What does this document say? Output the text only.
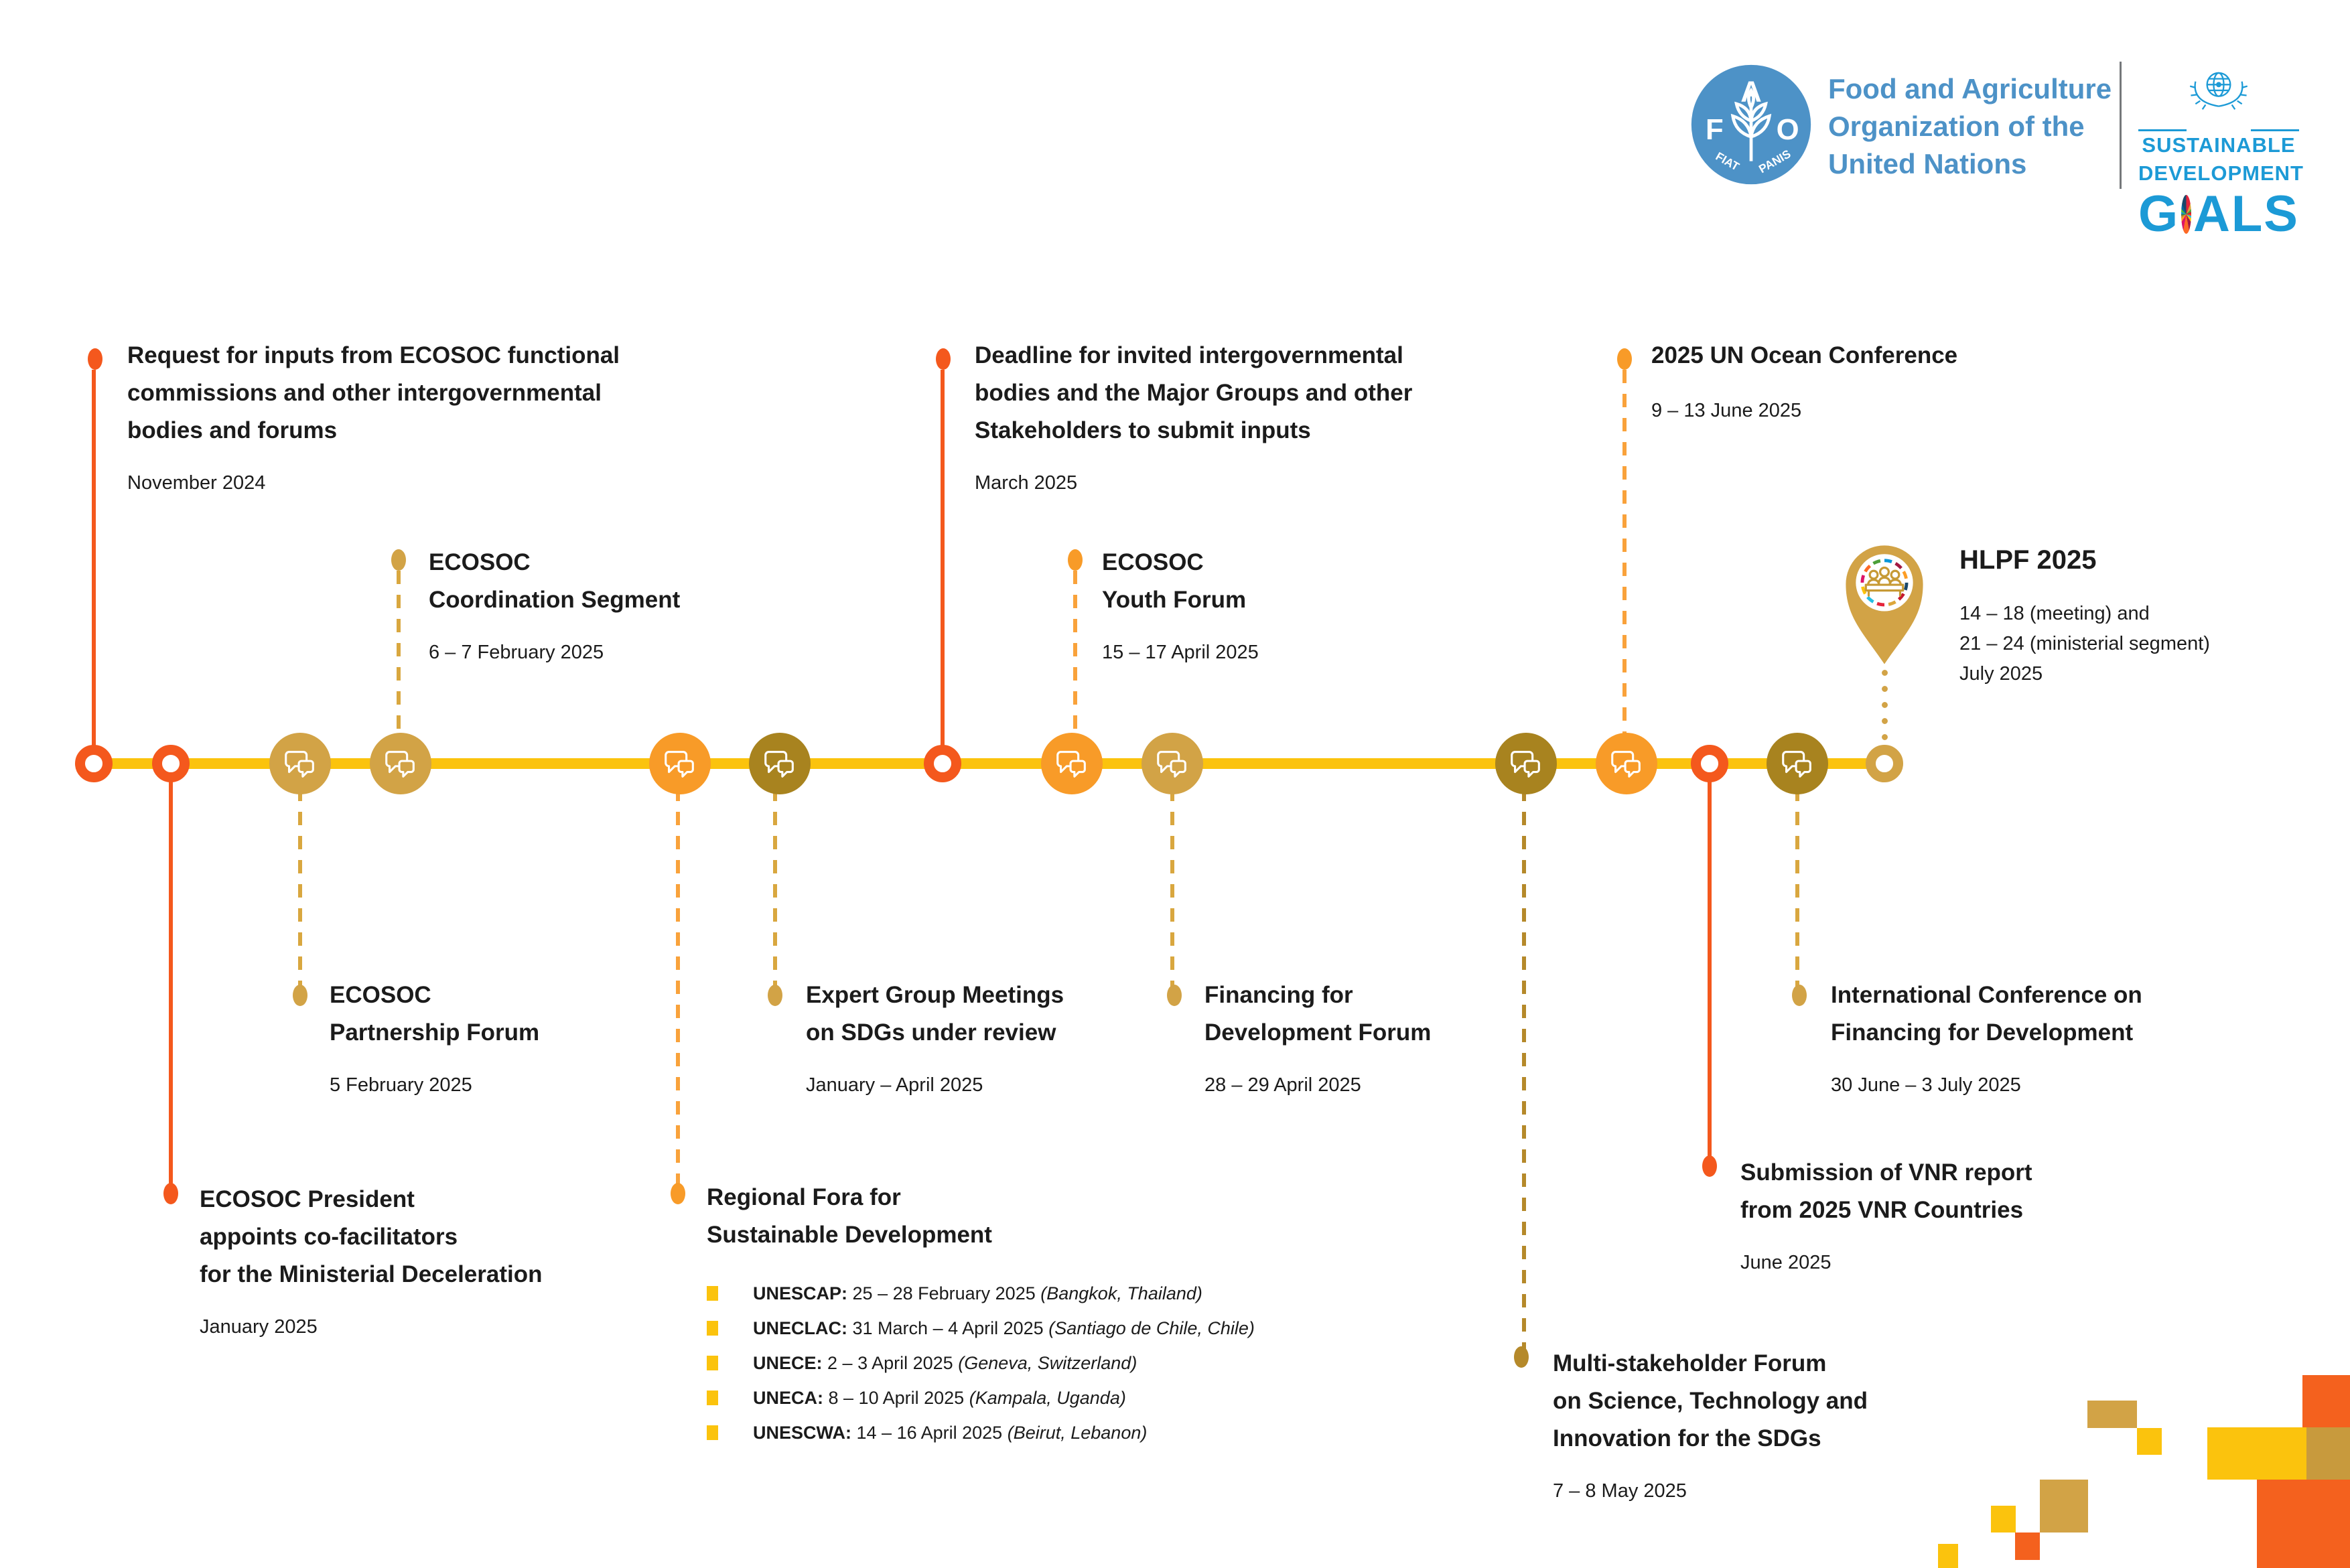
A
F	O
FIAT PANIS
Food and Agriculture
Organization of the
United Nations
SUSTAINABLE
DEVELOPMENT
G ALS
Request for inputs from ECOSOC functional
commissions and other intergovernmental
bodies and forums
November 2024
Deadline for invited intergovernmental
bodies and the Major Groups and other
Stakeholders to submit inputs
March 2025
2025 UN Ocean Conference
9 – 13 June 2025
ECOSOC
Coordination Segment
6 – 7 February 2025
ECOSOC
Youth Forum
15 – 17 April 2025
HLPF 2025
14 – 18 (meeting) and
21 – 24 (ministerial segment)
July 2025
ECOSOC
Partnership Forum
5 February 2025
Expert Group Meetings
on SDGs under review
January – April 2025
Financing for
Development Forum
28 – 29 April 2025
International Conference on
Financing for Development
30 June – 3 July 2025
ECOSOC President
appoints co-facilitators
for the Ministerial Deceleration
January 2025
Regional Fora for
Sustainable Development
UNESCAP: 25 – 28 February 2025 (Bangkok, Thailand)
UNECLAC: 31 March – 4 April 2025 (Santiago de Chile, Chile)
UNECE: 2 – 3 April 2025 (Geneva, Switzerland)
UNECA: 8 – 10 April 2025 (Kampala, Uganda)
UNESCWA: 14 – 16 April 2025 (Beirut, Lebanon)
Submission of VNR report
from 2025 VNR Countries
June 2025
Multi-stakeholder Forum
on Science, Technology and
Innovation for the SDGs
7 – 8 May 2025
